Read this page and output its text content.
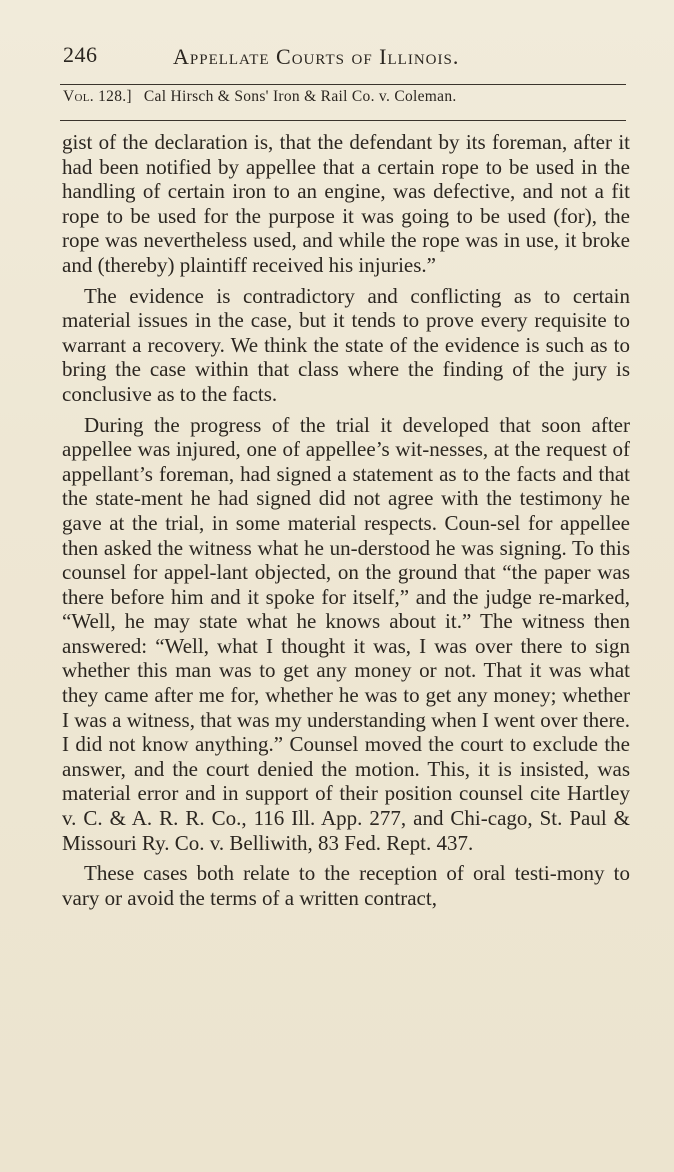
246	Appellate Courts of Illinois.
Vol. 128.] Cal Hirsch & Sons' Iron & Rail Co. v. Coleman.

gist of the declaration is, that the defendant by its foreman, after it had been notified by appellee that a certain rope to be used in the handling of certain iron to an engine, was defective, and not a fit rope to be used for the purpose it was going to be used (for), the rope was nevertheless used, and while the rope was in use, it broke and (thereby) plaintiff received his injuries.”

The evidence is contradictory and conflicting as to certain material issues in the case, but it tends to prove every requisite to warrant a recovery. We think the state of the evidence is such as to bring the case within that class where the finding of the jury is conclusive as to the facts.

During the progress of the trial it developed that soon after appellee was injured, one of appellee’s wit-nesses, at the request of appellant’s foreman, had signed a statement as to the facts and that the state-ment he had signed did not agree with the testimony he gave at the trial, in some material respects. Coun-sel for appellee then asked the witness what he un-derstood he was signing. To this counsel for appel-lant objected, on the ground that “the paper was there before him and it spoke for itself,” and the judge re-marked, “Well, he may state what he knows about it.” The witness then answered: “Well, what I thought it was, I was over there to sign whether this man was to get any money or not. That it was what they came after me for, whether he was to get any money; whether I was a witness, that was my understanding when I went over there. I did not know anything.” Counsel moved the court to exclude the answer, and the court denied the motion. This, it is insisted, was material error and in support of their position counsel cite Hartley v. C. & A. R. R. Co., 116 Ill. App. 277, and Chi-cago, St. Paul & Missouri Ry. Co. v. Belliwith, 83 Fed. Rept. 437.

These cases both relate to the reception of oral testi-mony to vary or avoid the terms of a written contract,
